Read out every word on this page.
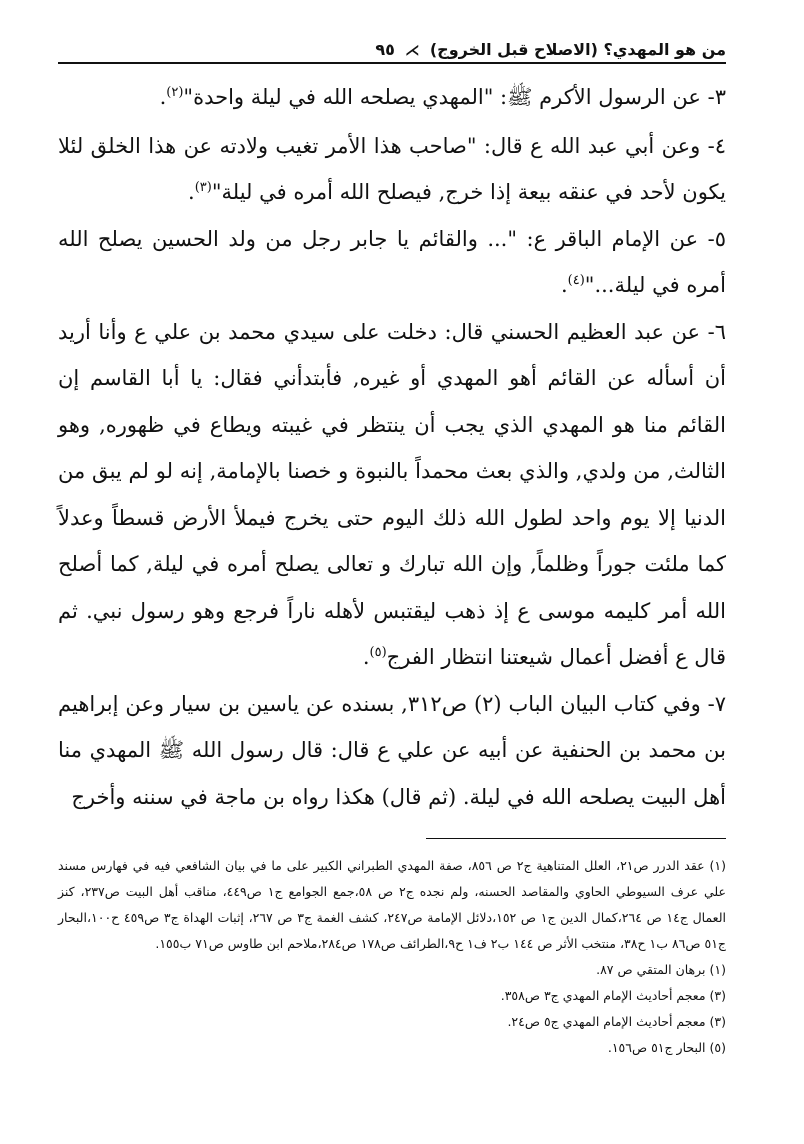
من هو المهدي؟ (الاصلاح قبل الخروج)
⋋
٩٥

٣- عن الرسول الأكرم ﷺ: "المهدي يصلحه الله في ليلة واحدة"$^{(٢)}$.

٤- وعن أبي عبد الله ع قال: "صاحب هذا الأمر تغيب ولادته عن هذا الخلق لئلا يكون لأحد في عنقه بيعة إذا خرج, فيصلح الله أمره في ليلة"$^{(٣)}$.

٥- عن الإمام الباقر ع: "... والقائم يا جابر رجل من ولد الحسين يصلح الله أمره في ليلة..."$^{(٤)}$.

٦- عن عبد العظيم الحسني قال: دخلت على سيدي محمد بن علي ع وأنا أريد أن أسأله عن القائم أهو المهدي أو غيره, فأبتدأني فقال: يا أبا القاسم إن القائم منا هو المهدي الذي يجب أن ينتظر في غيبته ويطاع في ظهوره, وهو الثالث, من ولدي, والذي بعث محمداً بالنبوة و خصنا بالإمامة, إنه لو لم يبق من الدنيا إلا يوم واحد لطول الله ذلك اليوم حتى يخرج فيملأ الأرض قسطاً وعدلاً كما ملئت جوراً وظلماً, وإن الله تبارك و تعالى يصلح أمره في ليلة, كما أصلح الله أمر كليمه موسى ع إذ ذهب ليقتبس لأهله ناراً فرجع وهو رسول نبي. ثم قال ع أفضل أعمال شيعتنا انتظار الفرج$^{(٥)}$.

٧- وفي كتاب البيان الباب (٢) ص٣١٢, بسنده عن ياسين بن سيار وعن إبراهيم بن محمد بن الحنفية عن أبيه عن علي ع قال: قال رسول الله ﷺ المهدي منا أهل البيت يصلحه الله في ليلة. (ثم قال) هكذا رواه بن ماجة في سننه وأخرج

(١) عقد الدرر ص٢١، العلل المتناهية ج٢ ص ٨٥٦، صفة المهدي الطبراني الكبير على ما في بيان الشافعي فيه في فهارس مسند علي عرف السيوطي الحاوي والمقاصد الحسنه، ولم نجده ج٢ ص ٥٨،جمع الجوامع ج١ ص٤٤٩، مناقب أهل البيت ص٢٣٧، كنز العمال ج١٤ ص ٢٦٤،كمال الدين ج١ ص ١٥٢،دلائل الإمامة ص٢٤٧، كشف الغمة ج٣ ص ٢٦٧، إثبات الهداة ج٣ ص٤٥٩ ح١٠٠،البحار ج٥١ ص٨٦ ب١ ح٣٨، منتخب الأثر ص ١٤٤ ب٢ ف١ ح٩،الطرائف ص١٧٨ ص٢٨٤،ملاحم ابن طاوس ص٧١ ب١٥٥.

(١) برهان المتقي ص ٨٧.

(٣) معجم أحاديث الإمام المهدي ج٣ ص٣٥٨.

(٣) معجم أحاديث الإمام المهدي ج٥ ص٢٤.

(٥) البحار ج٥١ ص١٥٦.
